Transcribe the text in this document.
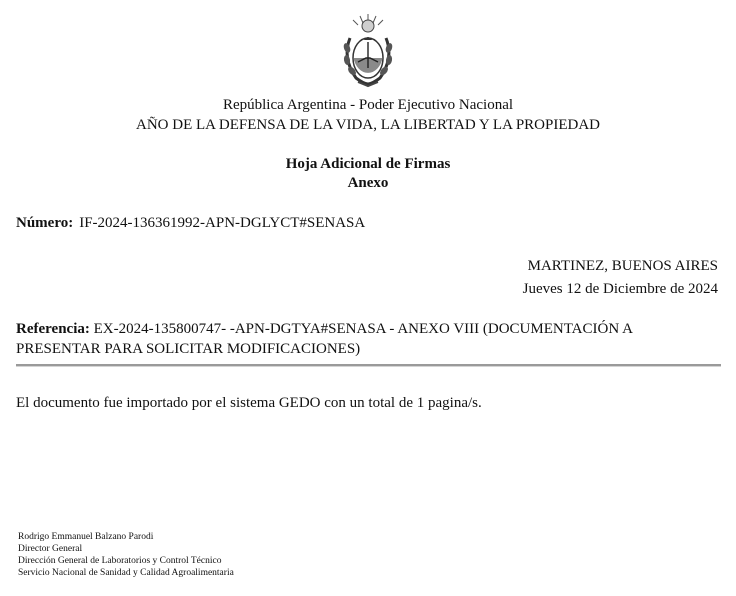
República Argentina - Poder Ejecutivo Nacional
AÑO DE LA DEFENSA DE LA VIDA, LA LIBERTAD Y LA PROPIEDAD
Hoja Adicional de Firmas
Anexo
Número: IF-2024-136361992-APN-DGLYCT#SENASA
MARTINEZ, BUENOS AIRES
Jueves 12 de Diciembre de 2024
Referencia: EX-2024-135800747- -APN-DGTYA#SENASA - ANEXO VIII (DOCUMENTACIÓN A PRESENTAR PARA SOLICITAR MODIFICACIONES)
El documento fue importado por el sistema GEDO con un total de 1 pagina/s.
Rodrigo Emmanuel Balzano Parodi
Director General
Dirección General de Laboratorios y Control Técnico
Servicio Nacional de Sanidad y Calidad Agroalimentaria
